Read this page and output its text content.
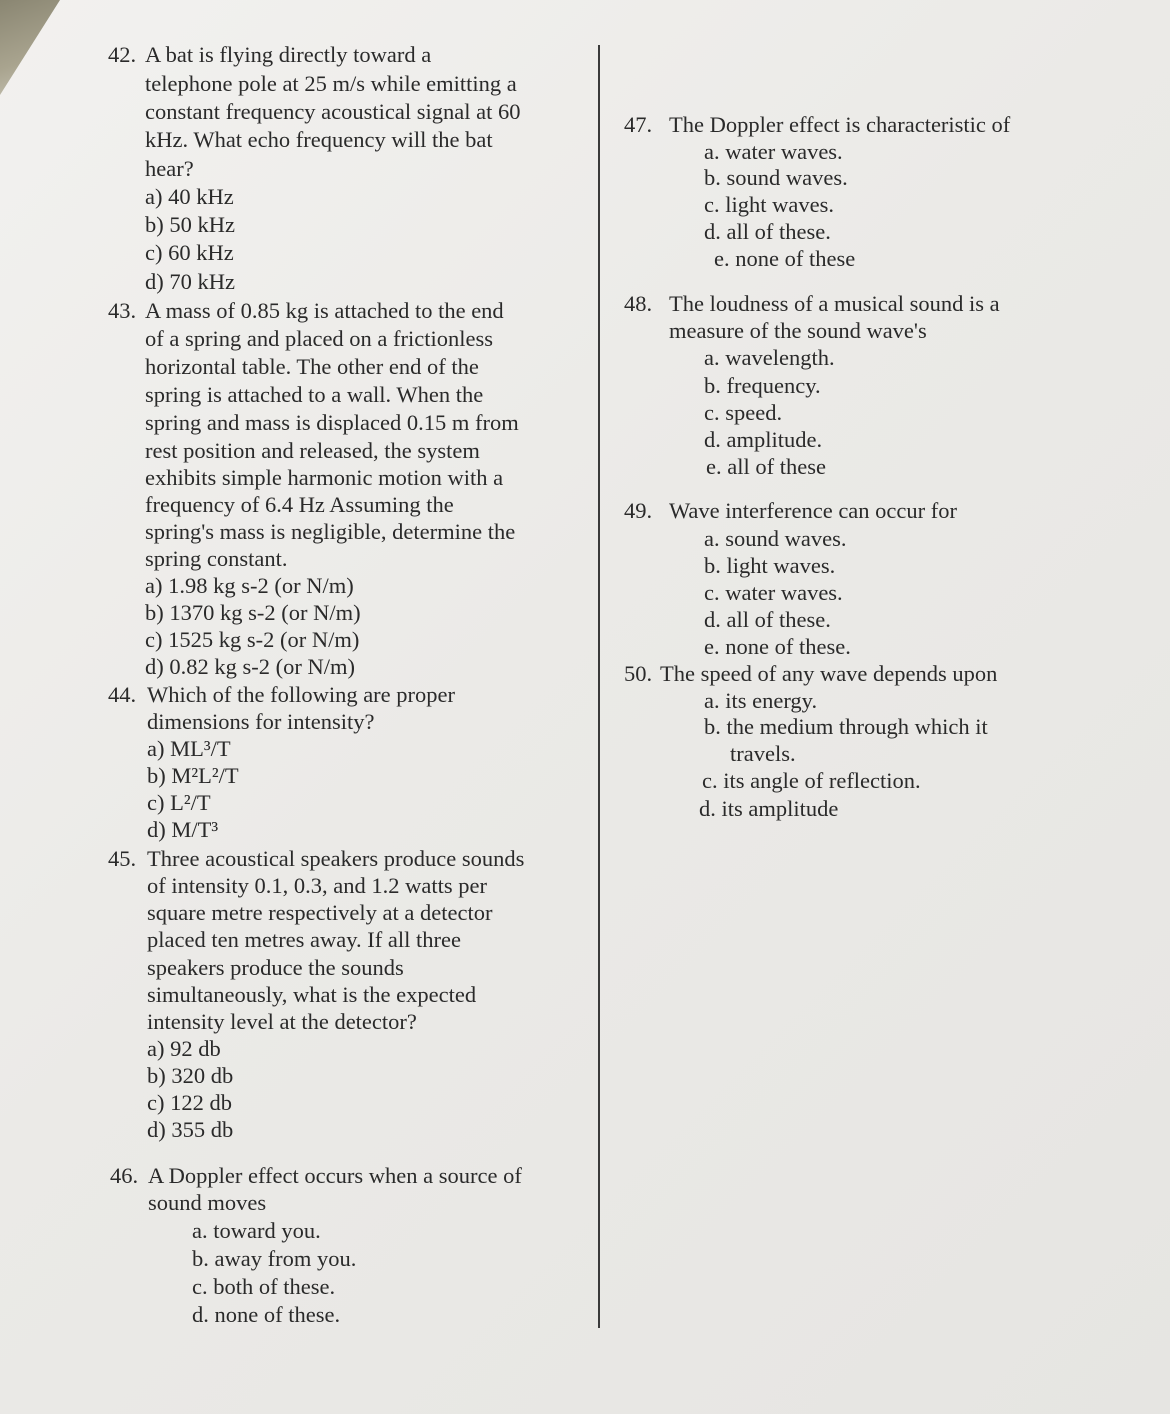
42. A bat is flying directly toward a
telephone pole at 25 m/s while emitting a
constant frequency acoustical signal at 60
kHz. What echo frequency will the bat
hear?
a) 40 kHz
b) 50 kHz
c) 60 kHz
d) 70 kHz
43. A mass of 0.85 kg is attached to the end
of a spring and placed on a frictionless
horizontal table. The other end of the
spring is attached to a wall. When the
spring and mass is displaced 0.15 m from
rest position and released, the system
exhibits simple harmonic motion with a
frequency of 6.4 Hz Assuming the
spring's mass is negligible, determine the
spring constant.
a) 1.98 kg s-2 (or N/m)
b) 1370 kg s-2 (or N/m)
c) 1525 kg s-2 (or N/m)
d) 0.82 kg s-2 (or N/m)
44. Which of the following are proper
dimensions for intensity?
a) ML³/T
b) M²L²/T
c) L²/T
d) M/T³
45. Three acoustical speakers produce sounds
of intensity 0.1, 0.3, and 1.2 watts per
square metre respectively at a detector
placed ten metres away. If all three
speakers produce the sounds
simultaneously, what is the expected
intensity level at the detector?
a) 92 db
b) 320 db
c) 122 db
d) 355 db
46. A Doppler effect occurs when a source of
sound moves
a. toward you.
b. away from you.
c. both of these.
d. none of these.
47. The Doppler effect is characteristic of
a. water waves.
b. sound waves.
c. light waves.
d. all of these.
e. none of these
48. The loudness of a musical sound is a
measure of the sound wave's
a. wavelength.
b. frequency.
c. speed.
d. amplitude.
e. all of these
49. Wave interference can occur for
a. sound waves.
b. light waves.
c. water waves.
d. all of these.
e. none of these.
50. The speed of any wave depends upon
a. its energy.
b. the medium through which it
travels.
c. its angle of reflection.
d. its amplitude
